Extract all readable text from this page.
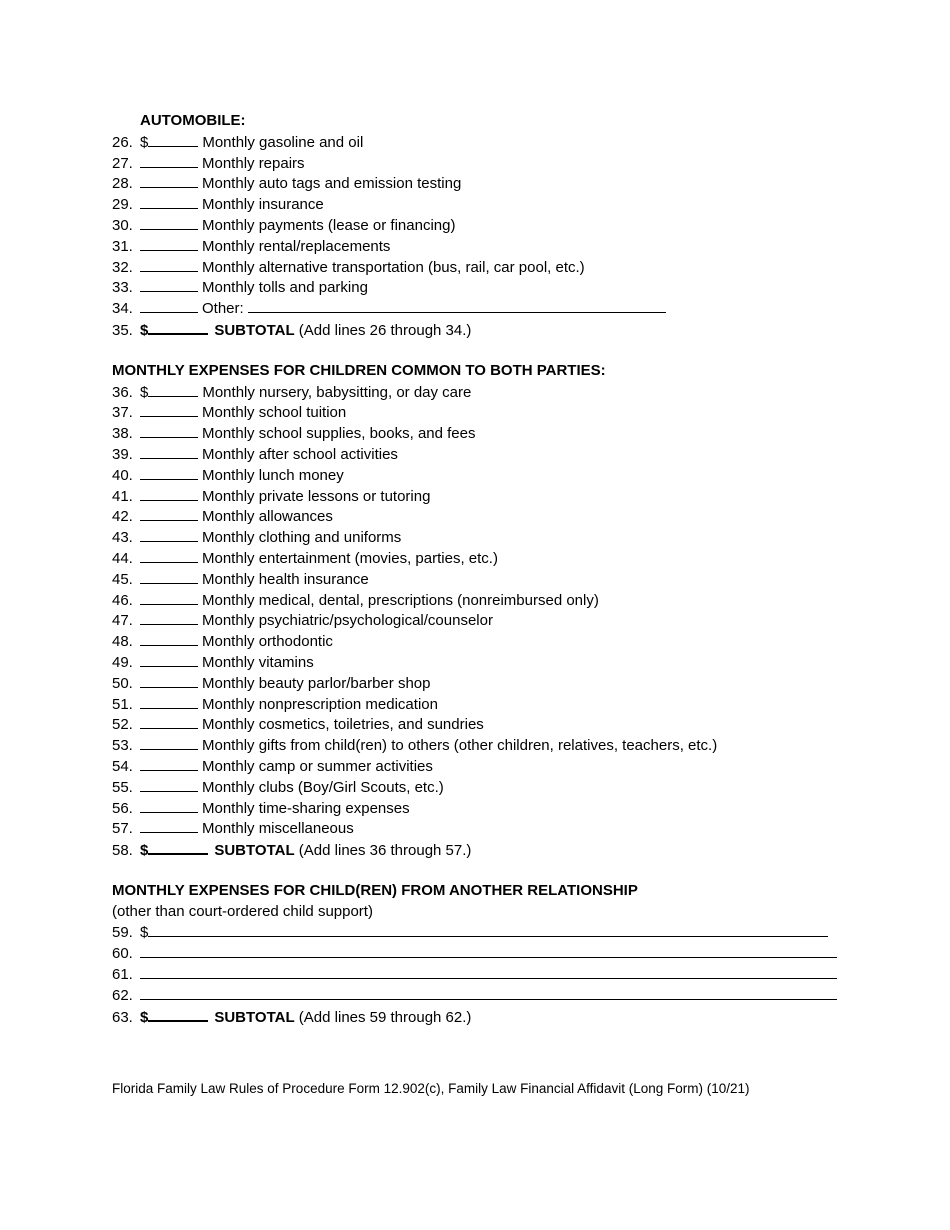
AUTOMOBILE:
26. $	Monthly gasoline and oil
27.	Monthly repairs
28.	Monthly auto tags and emission testing
29.	Monthly insurance
30.	Monthly payments (lease or financing)
31.	Monthly rental/replacements
32.	Monthly alternative transportation (bus, rail, car pool, etc.)
33.	Monthly tolls and parking
34.	Other:
35. $	SUBTOTAL (Add lines 26 through 34.)
MONTHLY EXPENSES FOR CHILDREN COMMON TO BOTH PARTIES:
36. $	Monthly nursery, babysitting, or day care
37.	Monthly school tuition
38.	Monthly school supplies, books, and fees
39.	Monthly after school activities
40.	Monthly lunch money
41.	Monthly private lessons or tutoring
42.	Monthly allowances
43.	Monthly clothing and uniforms
44.	Monthly entertainment (movies, parties, etc.)
45.	Monthly health insurance
46.	Monthly medical, dental, prescriptions (nonreimbursed only)
47.	Monthly psychiatric/psychological/counselor
48.	Monthly orthodontic
49.	Monthly vitamins
50.	Monthly beauty parlor/barber shop
51.	Monthly nonprescription medication
52.	Monthly cosmetics, toiletries, and sundries
53.	Monthly gifts from child(ren) to others (other children, relatives, teachers, etc.)
54.	Monthly camp or summer activities
55.	Monthly clubs (Boy/Girl Scouts, etc.)
56.	Monthly time-sharing expenses
57.	Monthly miscellaneous
58. $	SUBTOTAL (Add lines 36 through 57.)
MONTHLY EXPENSES FOR CHILD(REN) FROM ANOTHER RELATIONSHIP
(other than court-ordered child support)
59. $
60.
61.
62.
63. $	SUBTOTAL (Add lines 59 through 62.)
Florida Family Law Rules of Procedure Form 12.902(c), Family Law Financial Affidavit (Long Form) (10/21)
